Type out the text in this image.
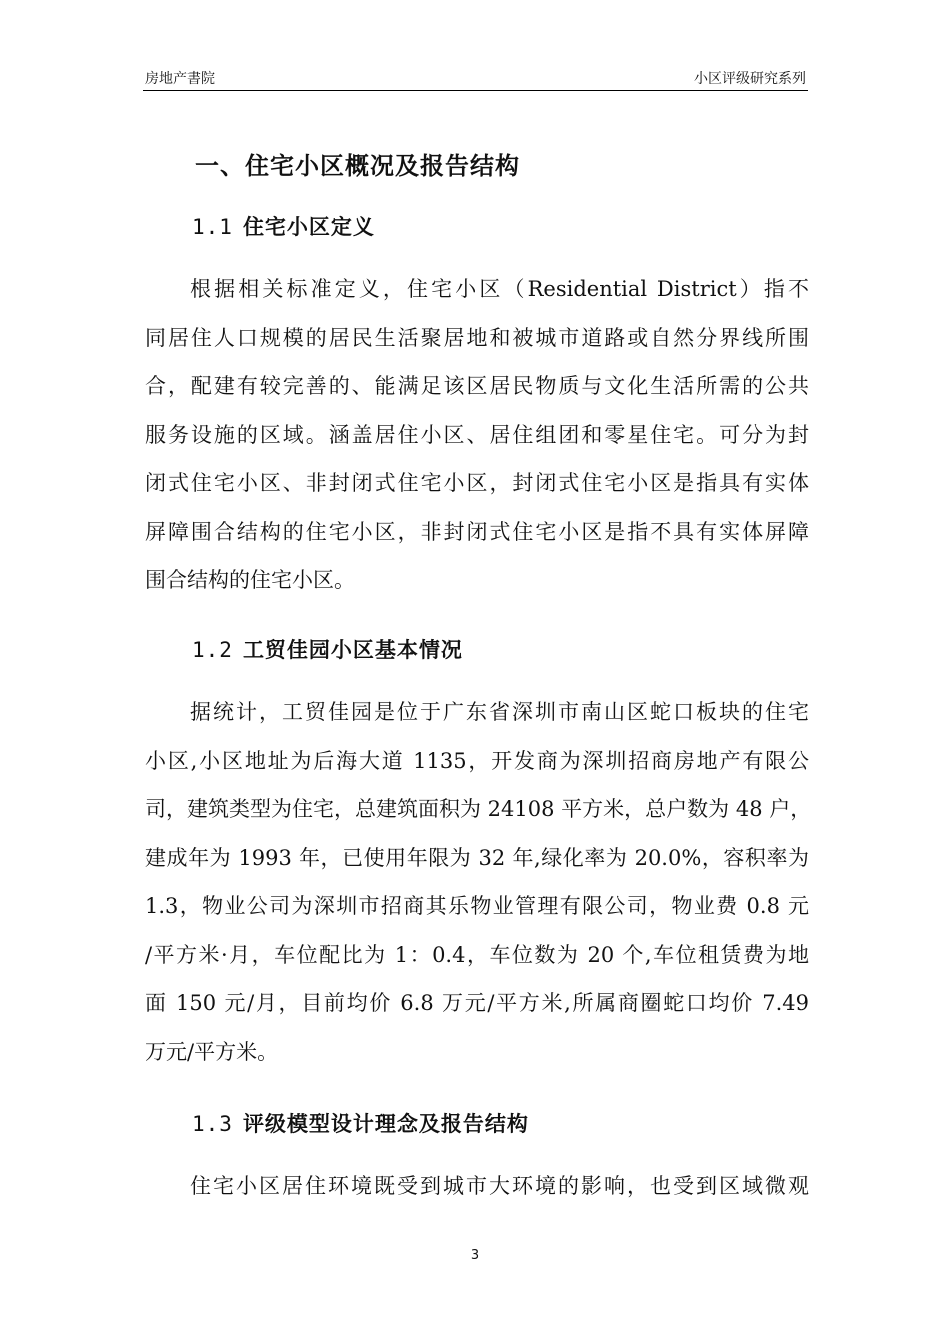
房地产書院	小区评级研究系列
一、住宅小区概况及报告结构
1.1 住宅小区定义
根据相关标准定义，住宅小区（Residential District）指不
同居住人口规模的居民生活聚居地和被城市道路或自然分界线所围
合，配建有较完善的、能满足该区居民物质与文化生活所需的公共
服务设施的区域。涵盖居住小区、居住组团和零星住宅。可分为封
闭式住宅小区、非封闭式住宅小区，封闭式住宅小区是指具有实体
屏障围合结构的住宅小区，非封闭式住宅小区是指不具有实体屏障
围合结构的住宅小区。
1.2 工贸佳园小区基本情况
据统计，工贸佳园是位于广东省深圳市南山区蛇口板块的住宅
小区,小区地址为后海大道 1135，开发商为深圳招商房地产有限公
司，建筑类型为住宅，总建筑面积为 24108 平方米，总户数为 48 户，
建成年为 1993 年，已使用年限为 32 年,绿化率为 20.0%，容积率为
1.3，物业公司为深圳市招商其乐物业管理有限公司，物业费 0.8 元
/平方米·月，车位配比为 1：0.4，车位数为 20 个,车位租赁费为地
面 150 元/月，目前均价 6.8 万元/平方米,所属商圈蛇口均价 7.49
万元/平方米。
1.3 评级模型设计理念及报告结构
住宅小区居住环境既受到城市大环境的影响，也受到区域微观
3
